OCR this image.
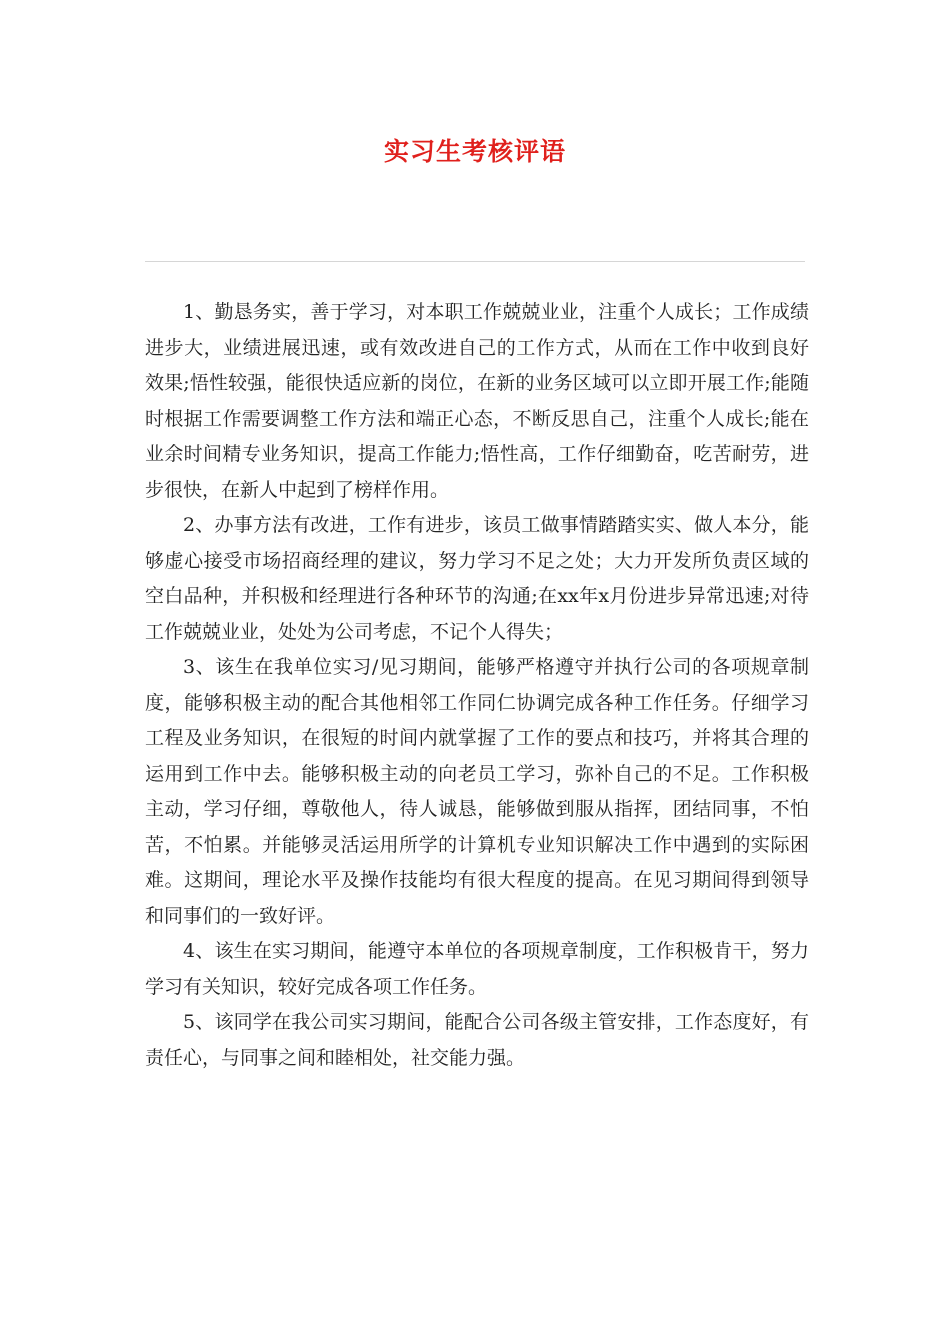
实习生考核评语

1、勤恳务实，善于学习，对本职工作兢兢业业，注重个人成长；工作成绩进步大，业绩进展迅速，或有效改进自己的工作方式，从而在工作中收到良好效果;悟性较强，能很快适应新的岗位，在新的业务区域可以立即开展工作;能随时根据工作需要调整工作方法和端正心态，不断反思自己，注重个人成长;能在业余时间精专业务知识，提高工作能力;悟性高，工作仔细勤奋，吃苦耐劳，进步很快，在新人中起到了榜样作用。

2、办事方法有改进，工作有进步，该员工做事情踏踏实实、做人本分，能够虚心接受市场招商经理的建议，努力学习不足之处；大力开发所负责区域的空白品种，并积极和经理进行各种环节的沟通;在xx年x月份进步异常迅速;对待工作兢兢业业，处处为公司考虑，不记个人得失；

3、该生在我单位实习/见习期间，能够严格遵守并执行公司的各项规章制度，能够积极主动的配合其他相邻工作同仁协调完成各种工作任务。仔细学习工程及业务知识，在很短的时间内就掌握了工作的要点和技巧，并将其合理的运用到工作中去。能够积极主动的向老员工学习，弥补自己的不足。工作积极主动，学习仔细，尊敬他人，待人诚恳，能够做到服从指挥，团结同事，不怕苦，不怕累。并能够灵活运用所学的计算机专业知识解决工作中遇到的实际困难。这期间，理论水平及操作技能均有很大程度的提高。在见习期间得到领导和同事们的一致好评。

4、该生在实习期间，能遵守本单位的各项规章制度，工作积极肯干，努力学习有关知识，较好完成各项工作任务。

5、该同学在我公司实习期间，能配合公司各级主管安排，工作态度好，有责任心，与同事之间和睦相处，社交能力强。
